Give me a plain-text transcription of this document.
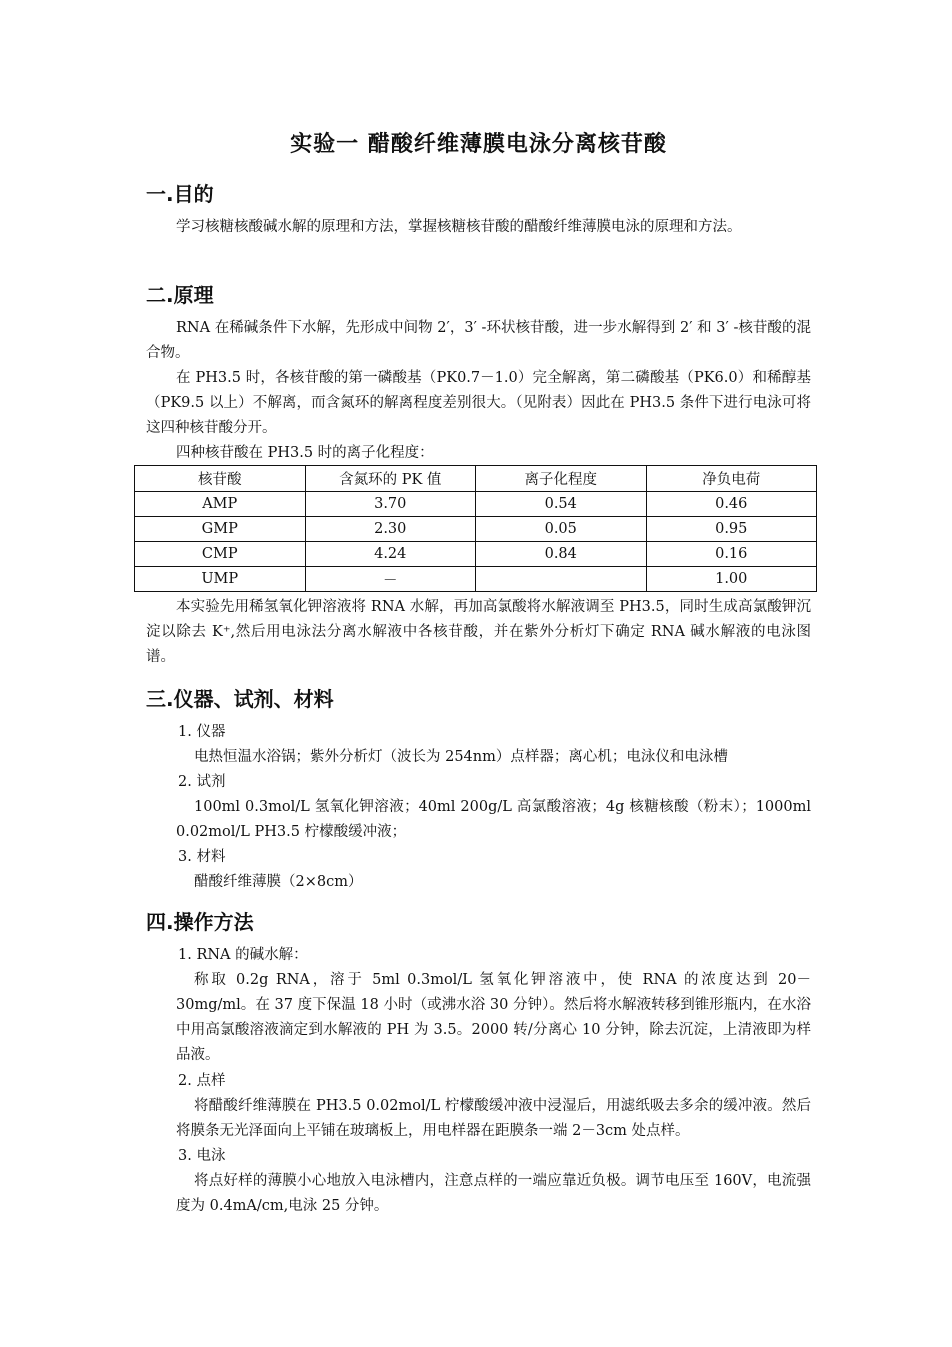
实验一 醋酸纤维薄膜电泳分离核苷酸
一.目的
学习核糖核酸碱水解的原理和方法，掌握核糖核苷酸的醋酸纤维薄膜电泳的原理和方法。
二.原理
RNA 在稀碱条件下水解，先形成中间物 2′，3′ -环状核苷酸，进一步水解得到 2′ 和 3′ -核苷酸的混合物。
在 PH3.5 时，各核苷酸的第一磷酸基（PK0.7－1.0）完全解离，第二磷酸基（PK6.0）和稀醇基（PK9.5 以上）不解离，而含氮环的解离程度差别很大。（见附表）因此在 PH3.5 条件下进行电泳可将这四种核苷酸分开。
四种核苷酸在 PH3.5 时的离子化程度：
核苷酸	含氮环的 PK 值	离子化程度	净负电荷
AMP	3.70	0.54	0.46
GMP	2.30	0.05	0.95
CMP	4.24	0.84	0.16
UMP	－		1.00
本实验先用稀氢氧化钾溶液将 RNA 水解，再加高氯酸将水解液调至 PH3.5，同时生成高氯酸钾沉淀以除去 K⁺,然后用电泳法分离水解液中各核苷酸，并在紫外分析灯下确定 RNA 碱水解液的电泳图谱。
三.仪器、试剂、材料
1. 仪器
电热恒温水浴锅；紫外分析灯（波长为 254nm）点样器；离心机；电泳仪和电泳槽
2. 试剂
100ml 0.3mol/L 氢氧化钾溶液；40ml 200g/L 高氯酸溶液；4g 核糖核酸（粉末）；1000ml 0.02mol/L PH3.5 柠檬酸缓冲液；
3. 材料
醋酸纤维薄膜（2×8cm）
四.操作方法
1. RNA 的碱水解：
称取 0.2g RNA，溶于 5ml 0.3mol/L 氢氧化钾溶液中，使 RNA 的浓度达到 20－30mg/ml。在 37 度下保温 18 小时（或沸水浴 30 分钟）。然后将水解液转移到锥形瓶内，在水浴中用高氯酸溶液滴定到水解液的 PH 为 3.5。2000 转/分离心 10 分钟，除去沉淀，上清液即为样品液。
2. 点样
将醋酸纤维薄膜在 PH3.5 0.02mol/L 柠檬酸缓冲液中浸湿后，用滤纸吸去多余的缓冲液。然后将膜条无光泽面向上平铺在玻璃板上，用电样器在距膜条一端 2－3cm 处点样。
3. 电泳
将点好样的薄膜小心地放入电泳槽内，注意点样的一端应靠近负极。调节电压至 160V，电流强度为 0.4mA/cm,电泳 25 分钟。
